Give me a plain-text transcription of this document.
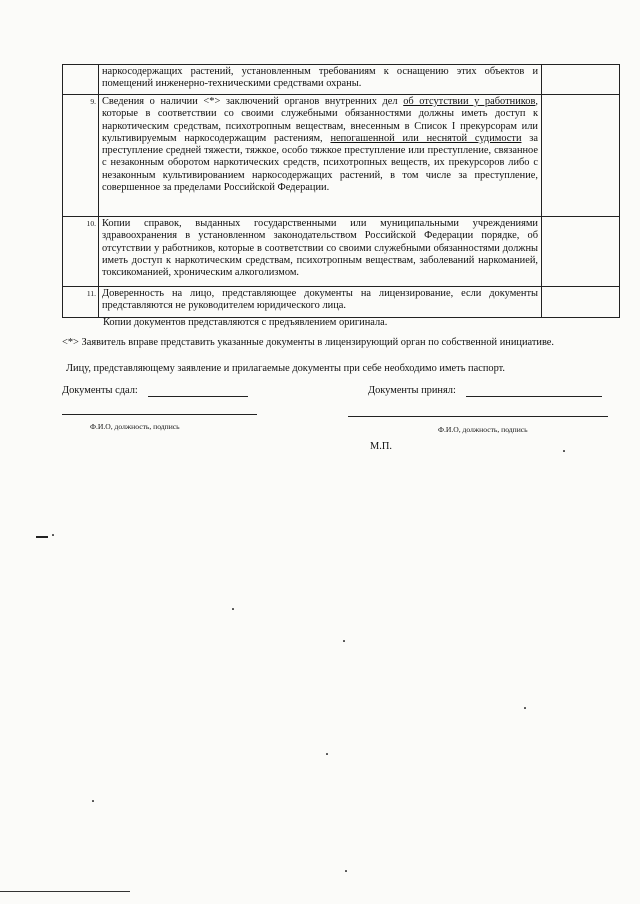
	наркосодержащих растений, установленным требованиям к оснащению этих объектов и помещений инженерно-техническими средствами охраны.	
9.	Сведения о наличии <*> заключений органов внутренних дел об отсутствии у работников, которые в соответствии со своими служебными обязанностями должны иметь доступ к наркотическим средствам, психотропным веществам, внесенным в Список I прекурсорам или культивируемым наркосодержащим растениям, непогашенной или неснятой судимости за преступление средней тяжести, тяжкое, особо тяжкое преступление или преступление, связанное с незаконным оборотом наркотических средств, психотропных веществ, их прекурсоров либо с незаконным культивированием наркосодержащих растений, в том числе за преступление, совершенное за пределами Российской Федерации.	
10.	Копии справок, выданных государственными или муниципальными учреждениями здравоохранения в установленном законодательством Российской Федерации порядке, об отсутствии у работников, которые в соответствии со своими служебными обязанностями должны иметь доступ к наркотическим средствам, психотропным веществам, заболеваний наркоманией, токсикоманией, хроническим алкоголизмом.	
11.	Доверенность на лицо, представляющее документы на лицензирование, если документы представляются не руководителем юридического лица.	
Копии документов представляются с предъявлением оригинала.
<*> Заявитель вправе представить указанные документы в лицензирующий орган по собственной инициативе.
Лицу, представляющему заявление и прилагаемые документы при себе необходимо иметь паспорт.
Документы сдал:	Документы принял:
Ф.И.О, должность, подпись	Ф.И.О, должность, подпись
М.П.
